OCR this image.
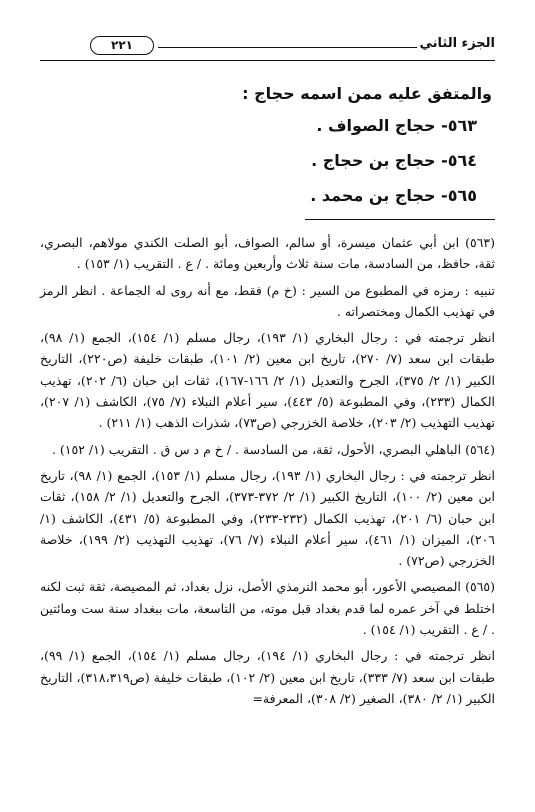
الجزء الثاني
٢٢١
والمتفق عليه ممن اسمه حجاج :
٥٦٣- حجاج الصواف .
٥٦٤- حجاج بن حجاج .
٥٦٥- حجاج بن محمد .

(٥٦٣) ابن أبي عثمان ميسرة، أو سالم، الصواف، أبو الصلت الكندي مولاهم، البصري، ثقة، حافظ، من السادسة، مات سنة ثلاث وأربعين ومائة . / ع . التقريب (١/ ١٥٣) .

تنبيه : رمزه في المطبوع من السير : (خ م) فقط، مع أنه روى له الجماعة . انظر الرمز في تهذيب الكمال ومختصراته .

انظر ترجمته في : رجال البخاري (١/ ١٩٣)، رجال مسلم (١/ ١٥٤)، الجمع (١/ ٩٨)، طبقات ابن سعد (٧/ ٢٧٠)، تاريخ ابن معين (٢/ ١٠١)، طبقات خليفة (ص٢٢٠)، التاريخ الكبير (١/ ٢/ ٣٧٥)، الجرح والتعديل (١/ ٢/ ١٦٦-١٦٧)، ثقات ابن حبان (٦/ ٢٠٢)، تهذيب الكمال (٢٣٣)، وفي المطبوعة (٥/ ٤٤٣)، سير أعلام النبلاء (٧/ ٧٥)، الكاشف (١/ ٢٠٧)، تهذيب التهذيب (٢/ ٢٠٣)، خلاصة الخزرجي (ص٧٣)، شذرات الذهب (١/ ٢١١) .

(٥٦٤) الباهلي البصري، الأحول، ثقة، من السادسة . / خ م د س ق . التقريب (١/ ١٥٢) .

انظر ترجمته في : رجال البخاري (١/ ١٩٣)، رجال مسلم (١/ ١٥٣)، الجمع (١/ ٩٨)، تاريخ ابن معين (٢/ ١٠٠)، التاريخ الكبير (١/ ٢/ ٣٧٢-٣٧٣)، الجرح والتعديل (١/ ٢/ ١٥٨)، ثقات ابن حبان (٦/ ٢٠١)، تهذيب الكمال (٢٣٢-٢٣٣)، وفي المطبوعة (٥/ ٤٣١)، الكاشف (١/ ٢٠٦)، الميزان (١/ ٤٦١)، سير أعلام النبلاء (٧/ ٧٦)، تهذيب التهذيب (٢/ ١٩٩)، خلاصة الخزرجي (ص٧٢) .

(٥٦٥) المصيصي الأعور، أبو محمد الترمذي الأصل، نزل بغداد، ثم المصيصة، ثقة ثبت لكنه اختلط في آخر عمره لما قدم بغداد قبل موته، من التاسعة، مات ببغداد سنة ست ومائتين . / ع . التقريب (١/ ١٥٤) .

انظر ترجمته في : رجال البخاري (١/ ١٩٤)، رجال مسلم (١/ ١٥٤)، الجمع (١/ ٩٩)، طبقات ابن سعد (٧/ ٣٣٣)، تاريخ ابن معين (٢/ ١٠٢)، طبقات خليفة (ص٣١٨،٣١٩)، التاريخ الكبير (١/ ٢/ ٣٨٠)، الصغير (٢/ ٣٠٨)، المعرفة=
